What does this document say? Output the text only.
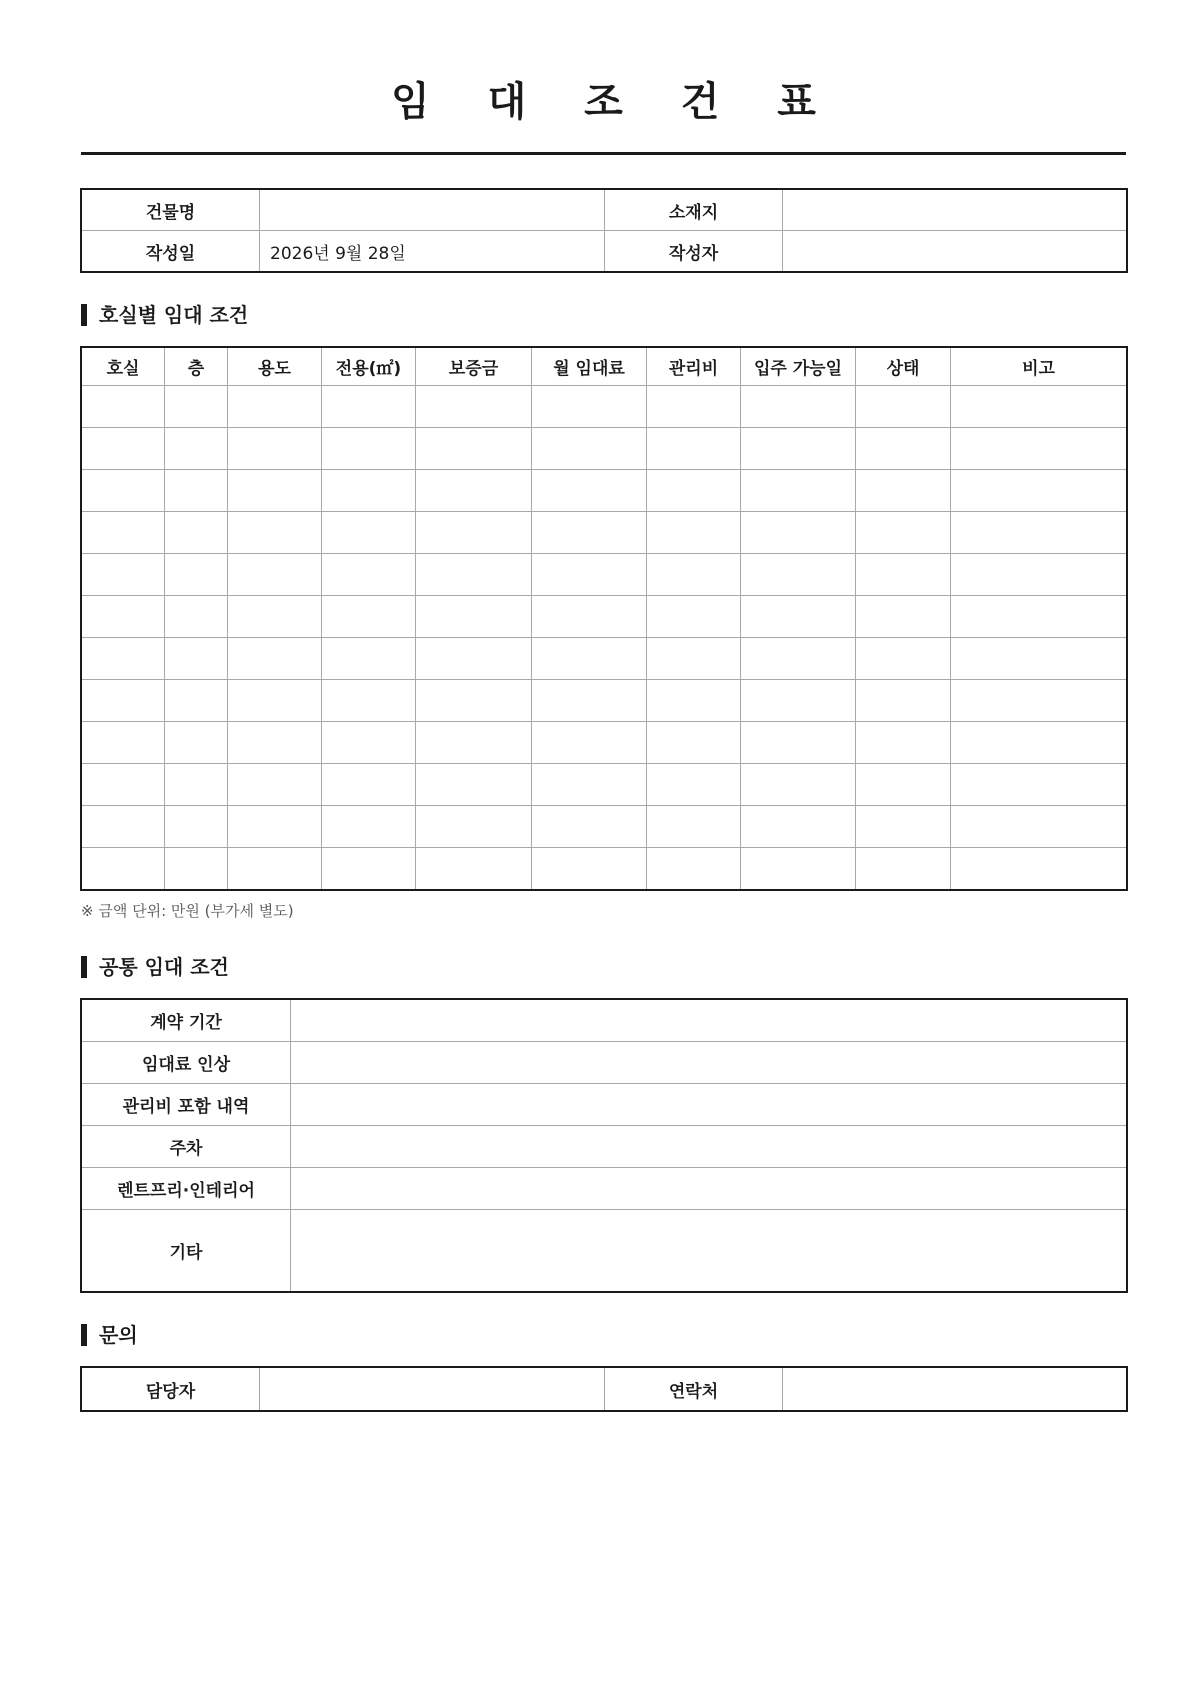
임 대 조 건 표
건물명		소재지	
작성일	2026년 9월 28일	작성자	
호실별 임대 조건
호실	층	용도	전용(㎡)	보증금	월 임대료	관리비	입주 가능일	상태	비고

※ 금액 단위: 만원 (부가세 별도)
공통 임대 조건
계약 기간	
임대료 인상	
관리비 포함 내역	
주차	
렌트프리·인테리어	
기타	
문의
담당자		연락처	
